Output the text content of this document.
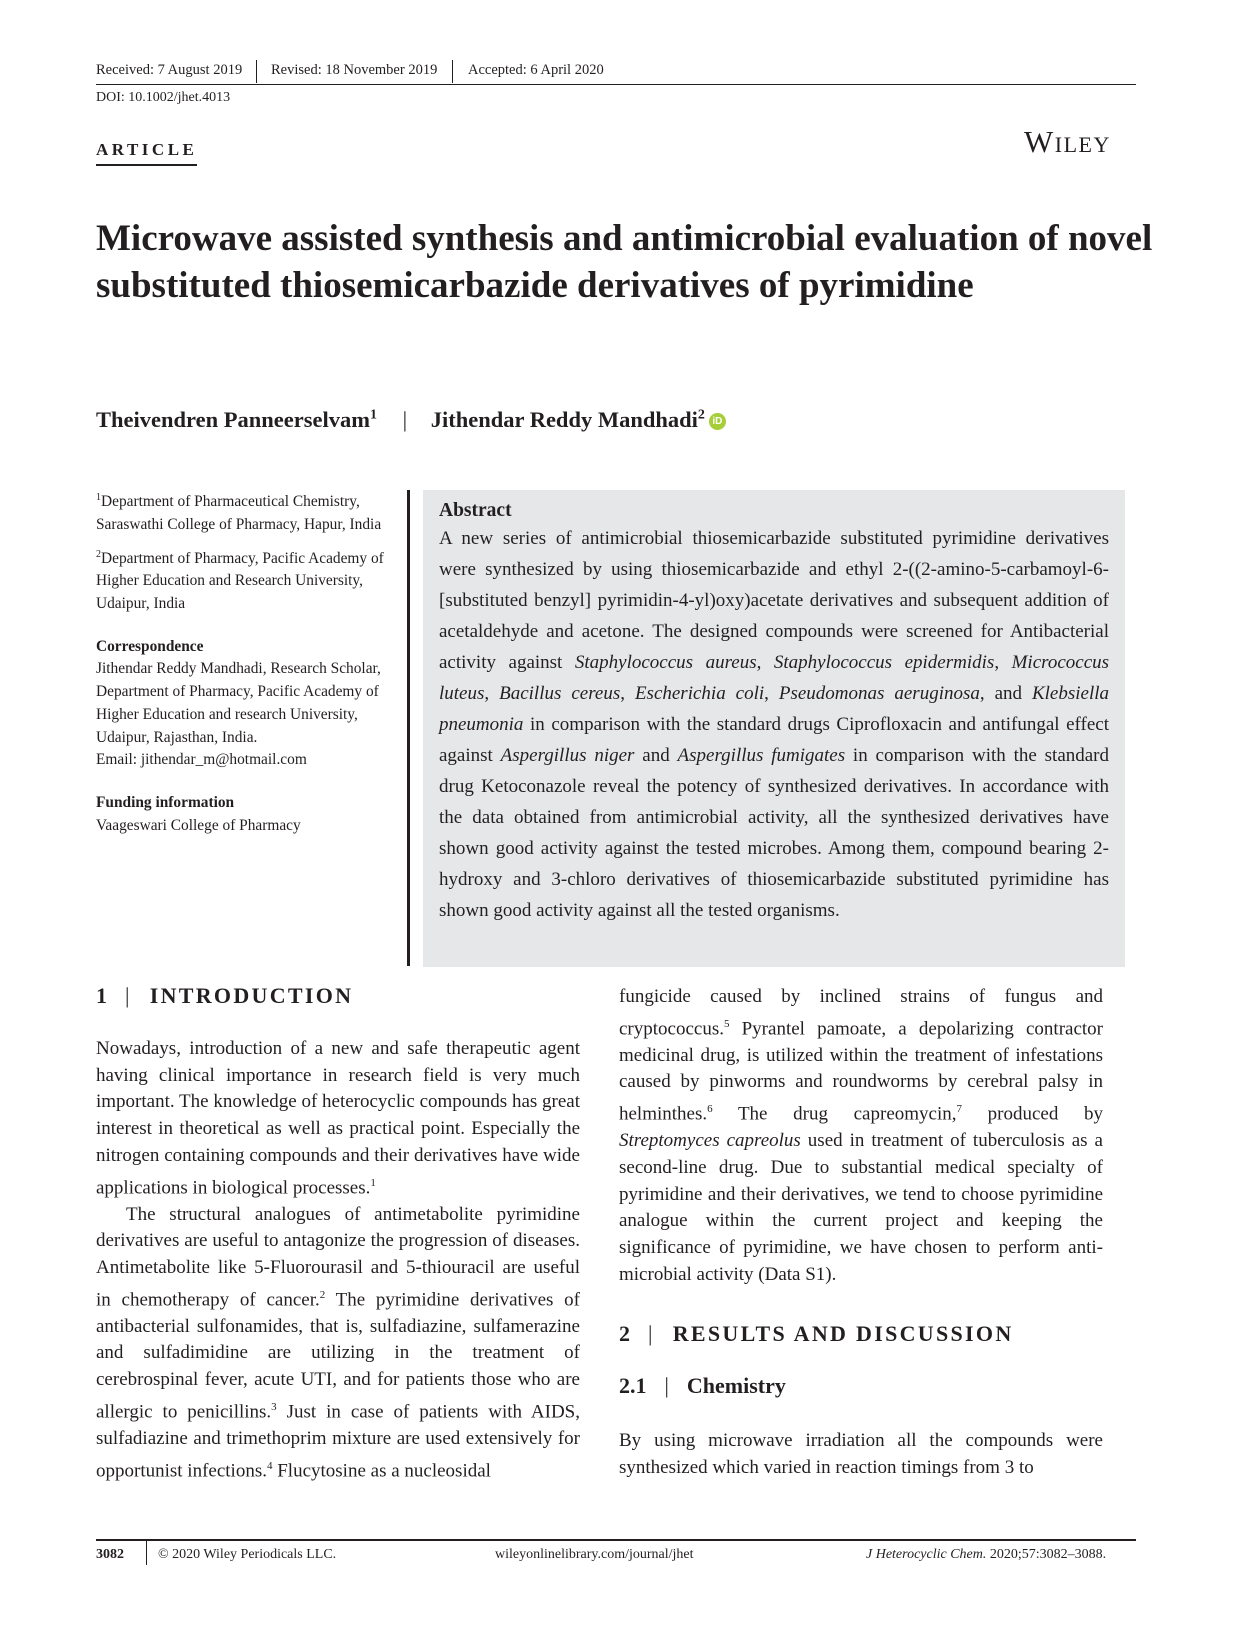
Received: 7 August 2019 Revised: 18 November 2019 Accepted: 6 April 2020
DOI: 10.1002/jhet.4013
ARTICLE	Wiley
Microwave assisted synthesis and antimicrobial evaluation of novel substituted thiosemicarbazide derivatives of pyrimidine
Theivendren Panneerselvam$^1$ | Jithendar Reddy Mandhadi$^2$ iD

$^1$Department of Pharmaceutical Chemistry, Saraswathi College of Pharmacy, Hapur, India

$^2$Department of Pharmacy, Pacific Academy of Higher Education and Research University, Udaipur, India

Correspondence

Jithendar Reddy Mandhadi, Research Scholar, Department of Pharmacy, Pacific Academy of Higher Education and research University, Udaipur, Rajasthan, India.

Email: jithendar_m@hotmail.com

Funding information

Vaageswari College of Pharmacy

Abstract

A new series of antimicrobial thiosemicarbazide substituted pyrimidine derivatives were synthesized by using thiosemicarbazide and ethyl 2-((2-amino-5-carbamoyl-6-[substituted benzyl] pyrimidin-4-yl)oxy)acetate derivatives and subsequent addition of acetaldehyde and acetone. The designed compounds were screened for Antibacterial activity against Staphylococcus aureus, Staphylococcus epidermidis, Micrococcus luteus, Bacillus cereus, Escherichia coli, Pseudomonas aeruginosa, and Klebsiella pneumonia in comparison with the standard drugs Ciprofloxacin and antifungal effect against Aspergillus niger and Aspergillus fumigates in comparison with the standard drug Ketoconazole reveal the potency of synthesized derivatives. In accordance with the data obtained from antimicrobial activity, all the synthesized derivatives have shown good activity against the tested microbes. Among them, compound bearing 2-hydroxy and 3-chloro derivatives of thiosemicarbazide substituted pyrimidine has shown good activity against all the tested organisms.

1 | INTRODUCTION

Nowadays, introduction of a new and safe therapeutic agent having clinical importance in research field is very much important. The knowledge of heterocyclic compounds has great interest in theoretical as well as practical point. Especially the nitrogen containing compounds and their derivatives have wide applications in biological processes.$^1$

The structural analogues of antimetabolite pyrimidine derivatives are useful to antagonize the progression of diseases. Antimetabolite like 5-Fluorourasil and 5-thiouracil are useful in chemotherapy of cancer.$^2$ The pyrimidine derivatives of antibacterial sulfonamides, that is, sulfadiazine, sulfamerazine and sulfadimidine are utilizing in the treatment of cerebrospinal fever, acute UTI, and for patients those who are allergic to penicillins.$^3$ Just in case of patients with AIDS, sulfadiazine and trimethoprim mixture are used extensively for opportunist infections.$^4$ Flucytosine as a nucleosidal

fungicide caused by inclined strains of fungus and cryptococcus.$^5$ Pyrantel pamoate, a depolarizing contractor medicinal drug, is utilized within the treatment of infestations caused by pinworms and roundworms by cerebral palsy in helminthes.$^6$ The drug capreomycin,$^7$ produced by Streptomyces capreolus used in treatment of tuberculosis as a second-line drug. Due to substantial medical specialty of pyrimidine and their derivatives, we tend to choose pyrimidine analogue within the current project and keeping the significance of pyrimidine, we have chosen to perform anti-microbial activity (Data S1).

2 | RESULTS AND DISCUSSION
2.1 | Chemistry

By using microwave irradiation all the compounds were synthesized which varied in reaction timings from 3 to

3082 © 2020 Wiley Periodicals LLC.	wileyonlinelibrary.com/journal/jhet	J Heterocyclic Chem. 2020;57:3082–3088.
